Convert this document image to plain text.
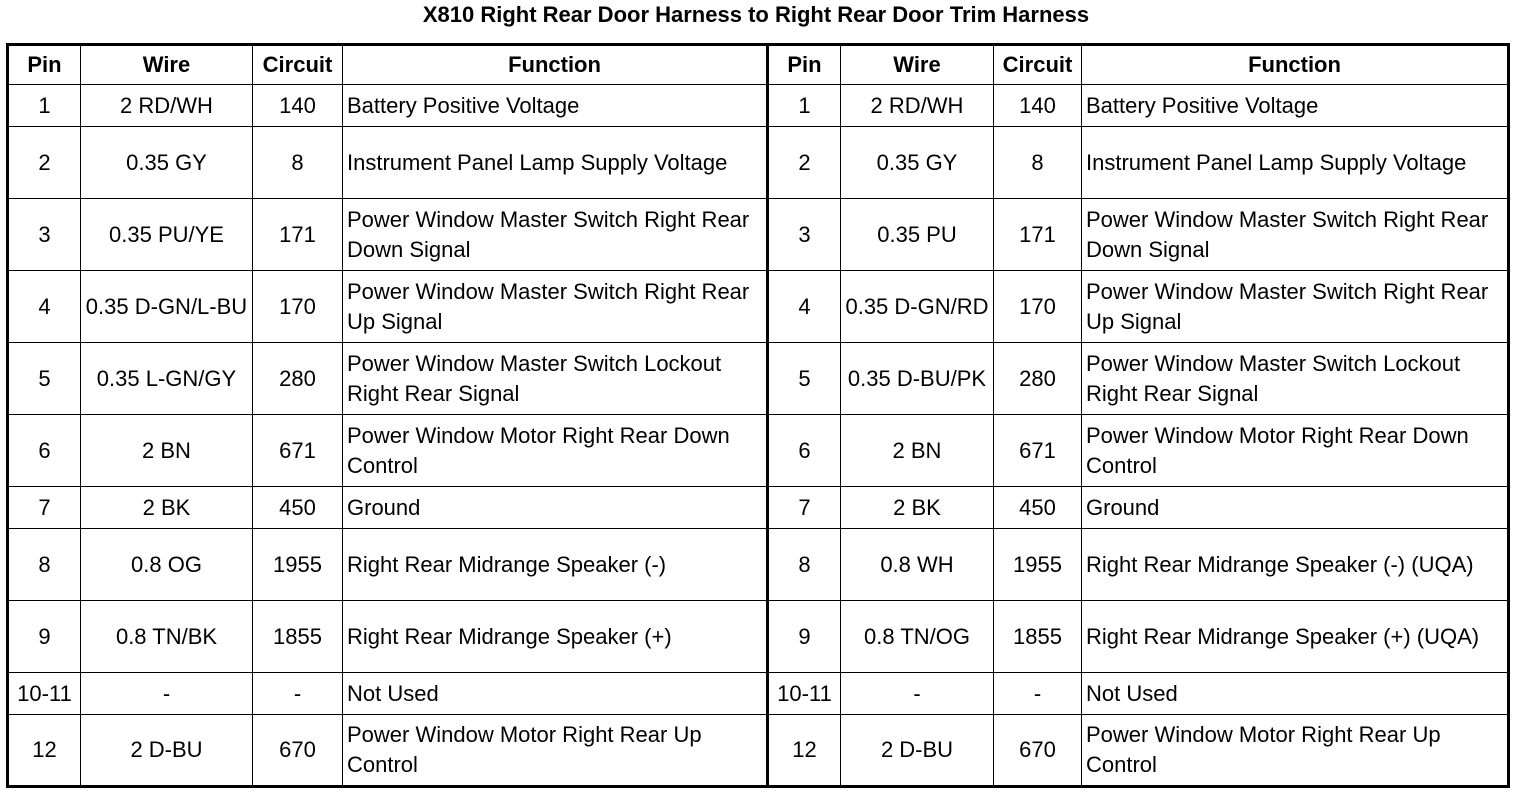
X810 Right Rear Door Harness to Right Rear Door Trim Harness
Pin	Wire	Circuit	Function	Pin	Wire	Circuit	Function
1	2 RD/WH	140	Battery Positive Voltage	1	2 RD/WH	140	Battery Positive Voltage
2	0.35 GY	8	Instrument Panel Lamp Supply Voltage	2	0.35 GY	8	Instrument Panel Lamp Supply Voltage
3	0.35 PU/YE	171	Power Window Master Switch Right Rear Down Signal	3	0.35 PU	171	Power Window Master Switch Right Rear Down Signal
4	0.35 D-GN/L-BU	170	Power Window Master Switch Right Rear Up Signal	4	0.35 D-GN/RD	170	Power Window Master Switch Right Rear Up Signal
5	0.35 L-GN/GY	280	Power Window Master Switch Lockout Right Rear Signal	5	0.35 D-BU/PK	280	Power Window Master Switch Lockout Right Rear Signal
6	2 BN	671	Power Window Motor Right Rear Down Control	6	2 BN	671	Power Window Motor Right Rear Down Control
7	2 BK	450	Ground	7	2 BK	450	Ground
8	0.8 OG	1955	Right Rear Midrange Speaker (-)	8	0.8 WH	1955	Right Rear Midrange Speaker (-) (UQA)
9	0.8 TN/BK	1855	Right Rear Midrange Speaker (+)	9	0.8 TN/OG	1855	Right Rear Midrange Speaker (+) (UQA)
10-11	-	-	Not Used	10-11	-	-	Not Used
12	2 D-BU	670	Power Window Motor Right Rear Up Control	12	2 D-BU	670	Power Window Motor Right Rear Up Control
